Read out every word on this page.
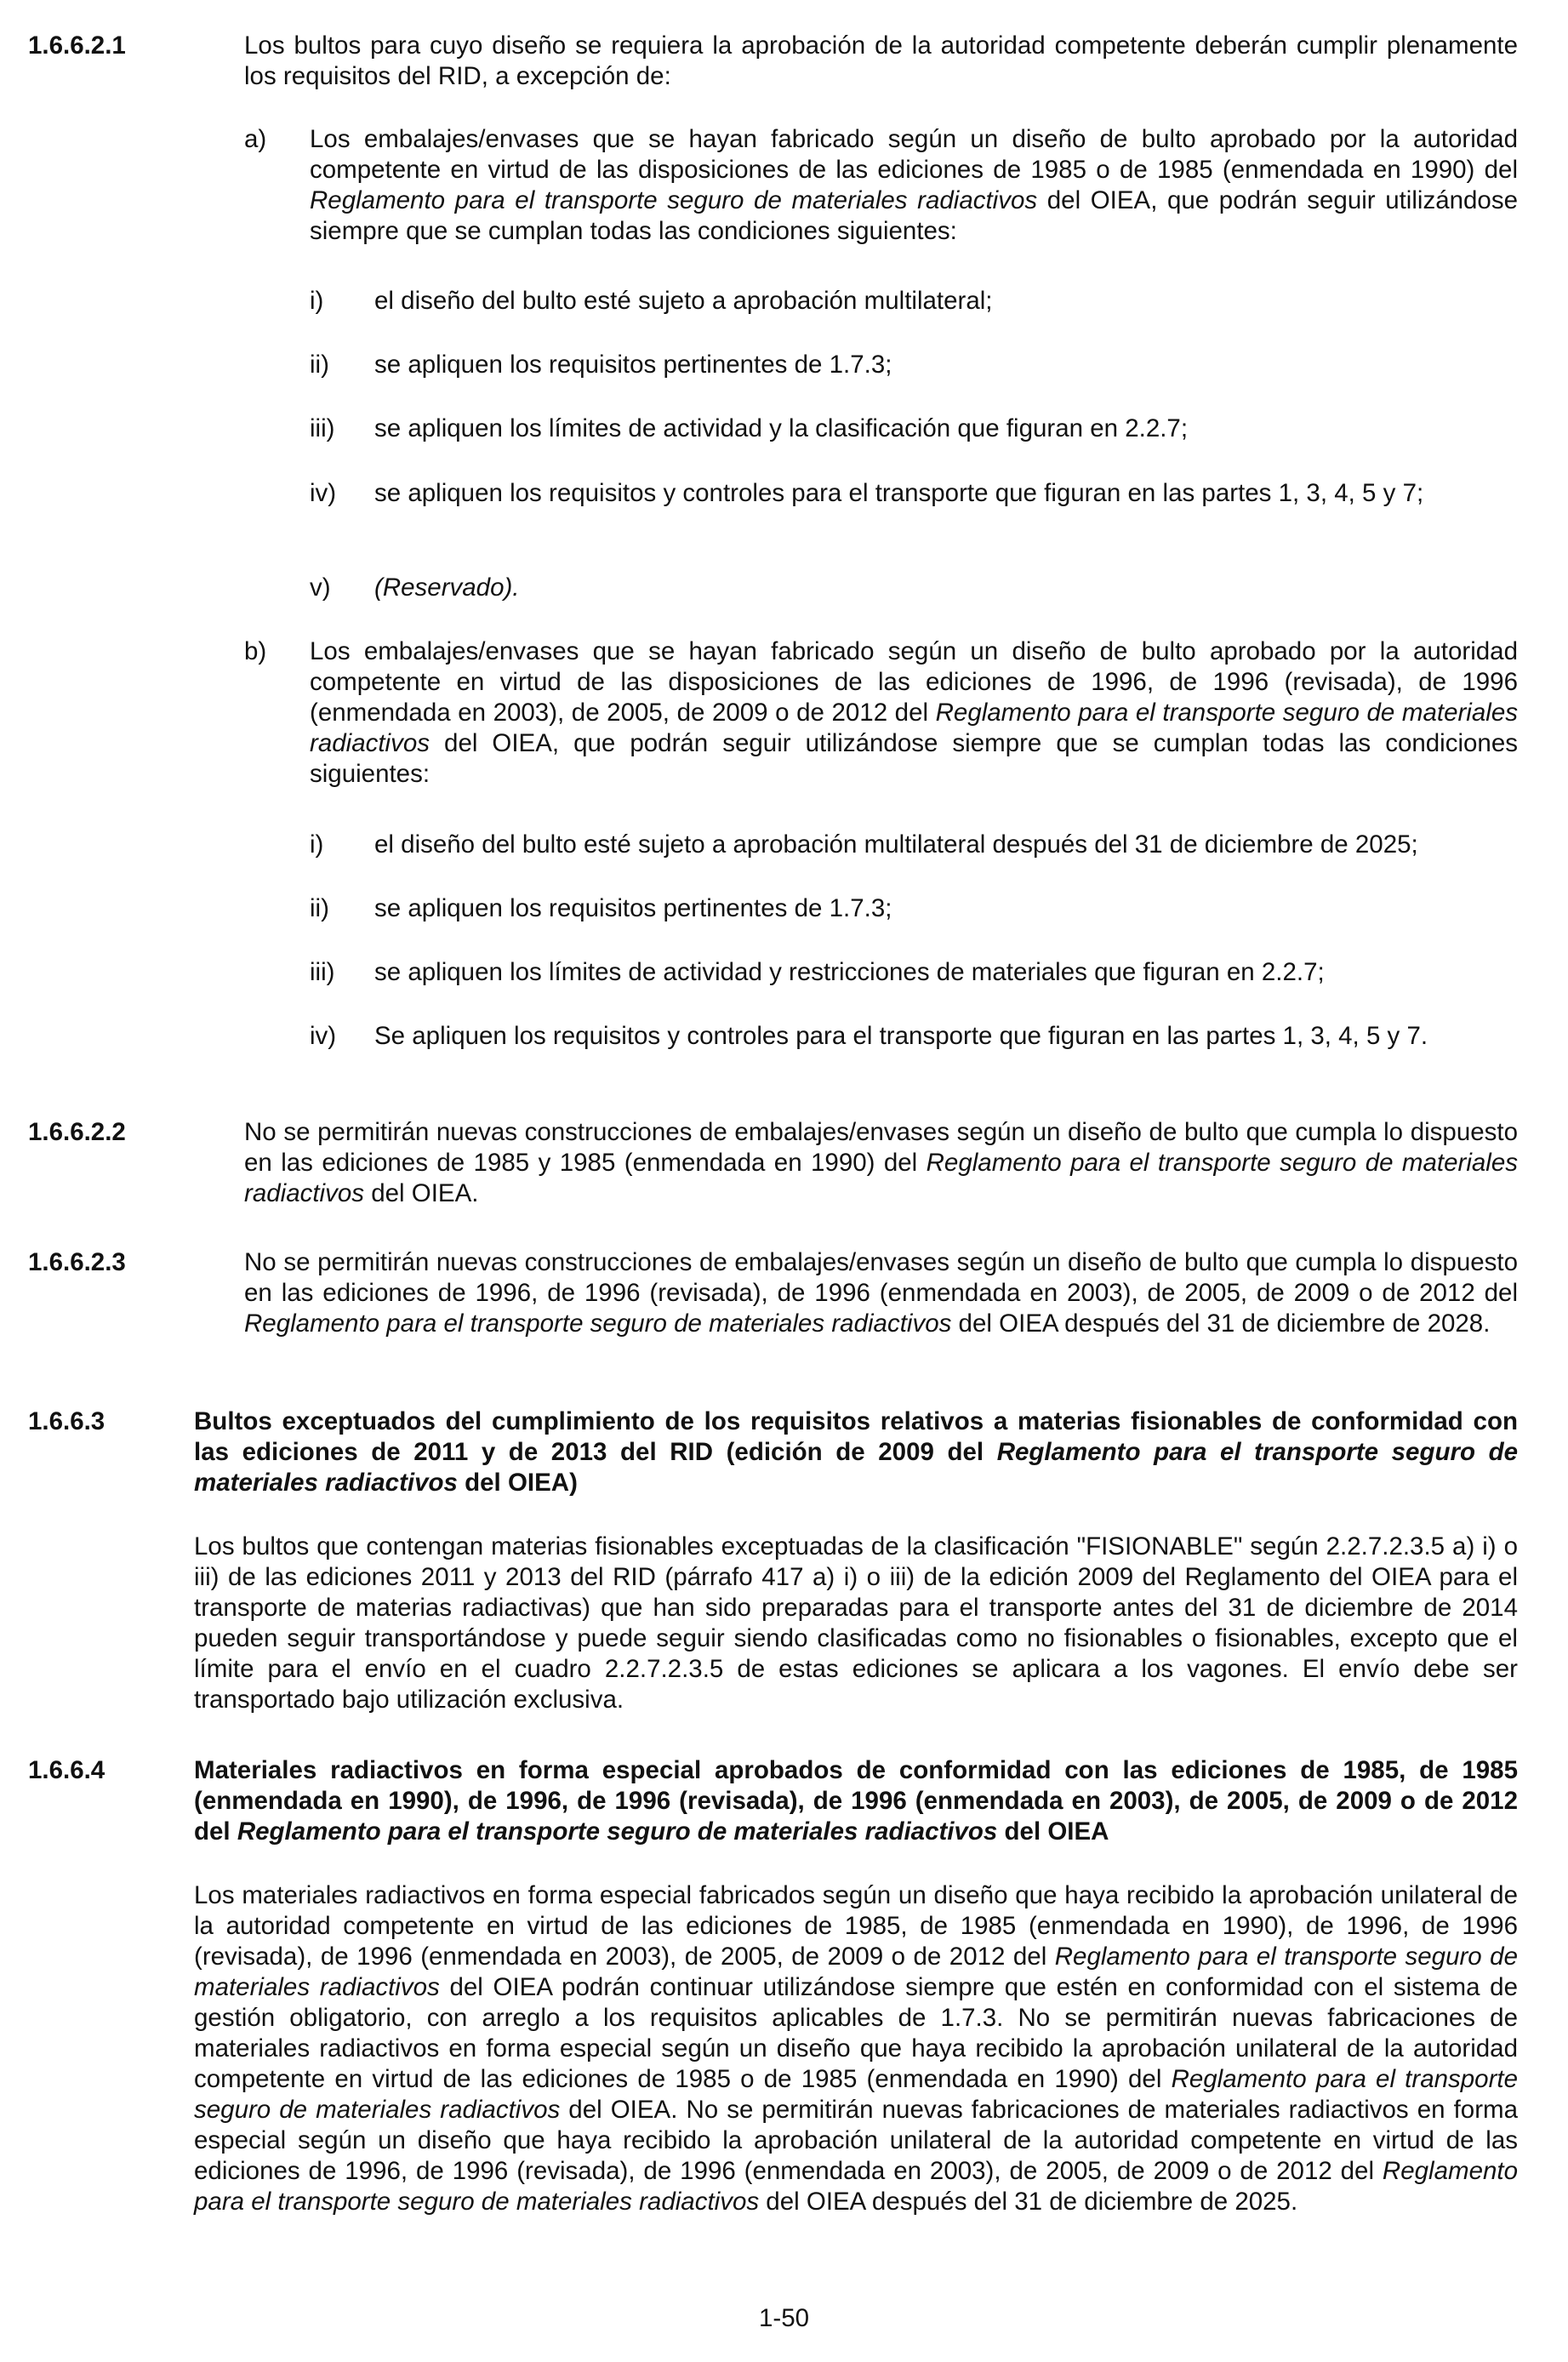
1.6.6.2.1	Los bultos para cuyo diseño se requiera la aprobación de la autoridad competente deberán cumplir plenamente los requisitos del RID, a excepción de:
a) Los embalajes/envases que se hayan fabricado según un diseño de bulto aprobado por la autoridad competente en virtud de las disposiciones de las ediciones de 1985 o de 1985 (enmendada en 1990) del Reglamento para el transporte seguro de materiales radiactivos del OIEA, que podrán seguir utilizándose siempre que se cumplan todas las condiciones siguientes:
i) el diseño del bulto esté sujeto a aprobación multilateral;
ii) se apliquen los requisitos pertinentes de 1.7.3;
iii) se apliquen los límites de actividad y la clasificación que figuran en 2.2.7;
iv) se apliquen los requisitos y controles para el transporte que figuran en las partes 1, 3, 4, 5 y 7;
v) (Reservado).
b) Los embalajes/envases que se hayan fabricado según un diseño de bulto aprobado por la autoridad competente en virtud de las disposiciones de las ediciones de 1996, de 1996 (revisada), de 1996 (enmendada en 2003), de 2005, de 2009 o de 2012 del Reglamento para el transporte seguro de materiales radiactivos del OIEA, que podrán seguir utilizándose siempre que se cumplan todas las condiciones siguientes:
i) el diseño del bulto esté sujeto a aprobación multilateral después del 31 de diciembre de 2025;
ii) se apliquen los requisitos pertinentes de 1.7.3;
iii) se apliquen los límites de actividad y restricciones de materiales que figuran en 2.2.7;
iv) Se apliquen los requisitos y controles para el transporte que figuran en las partes 1, 3, 4, 5 y 7.
1.6.6.2.2	No se permitirán nuevas construcciones de embalajes/envases según un diseño de bulto que cumpla lo dispuesto en las ediciones de 1985 y 1985 (enmendada en 1990) del Reglamento para el transporte seguro de materiales radiactivos del OIEA.
1.6.6.2.3	No se permitirán nuevas construcciones de embalajes/envases según un diseño de bulto que cumpla lo dispuesto en las ediciones de 1996, de 1996 (revisada), de 1996 (enmendada en 2003), de 2005, de 2009 o de 2012 del Reglamento para el transporte seguro de materiales radiactivos del OIEA después del 31 de diciembre de 2028.
1.6.6.3	Bultos exceptuados del cumplimiento de los requisitos relativos a materias fisionables de conformidad con las ediciones de 2011 y de 2013 del RID (edición de 2009 del Reglamento para el transporte seguro de materiales radiactivos del OIEA)
Los bultos que contengan materias fisionables exceptuadas de la clasificación "FISIONABLE" según 2.2.7.2.3.5 a) i) o iii) de las ediciones 2011 y 2013 del RID (párrafo 417 a) i) o iii) de la edición 2009 del Reglamento del OIEA para el transporte de materias radiactivas) que han sido preparadas para el transporte antes del 31 de diciembre de 2014 pueden seguir transportándose y puede seguir siendo clasificadas como no fisionables o fisionables, excepto que el límite para el envío en el cuadro 2.2.7.2.3.5 de estas ediciones se aplicara a los vagones. El envío debe ser transportado bajo utilización exclusiva.
1.6.6.4	Materiales radiactivos en forma especial aprobados de conformidad con las ediciones de 1985, de 1985 (enmendada en 1990), de 1996, de 1996 (revisada), de 1996 (enmendada en 2003), de 2005, de 2009 o de 2012 del Reglamento para el transporte seguro de materiales radiactivos del OIEA
Los materiales radiactivos en forma especial fabricados según un diseño que haya recibido la aprobación unilateral de la autoridad competente en virtud de las ediciones de 1985, de 1985 (enmendada en 1990), de 1996, de 1996 (revisada), de 1996 (enmendada en 2003), de 2005, de 2009 o de 2012 del Reglamento para el transporte seguro de materiales radiactivos del OIEA podrán continuar utilizándose siempre que estén en conformidad con el sistema de gestión obligatorio, con arreglo a los requisitos aplicables de 1.7.3. No se permitirán nuevas fabricaciones de materiales radiactivos en forma especial según un diseño que haya recibido la aprobación unilateral de la autoridad competente en virtud de las ediciones de 1985 o de 1985 (enmendada en 1990) del Reglamento para el transporte seguro de materiales radiactivos del OIEA. No se permitirán nuevas fabricaciones de materiales radiactivos en forma especial según un diseño que haya recibido la aprobación unilateral de la autoridad competente en virtud de las ediciones de 1996, de 1996 (revisada), de 1996 (enmendada en 2003), de 2005, de 2009 o de 2012 del Reglamento para el transporte seguro de materiales radiactivos del OIEA después del 31 de diciembre de 2025.
1-50
